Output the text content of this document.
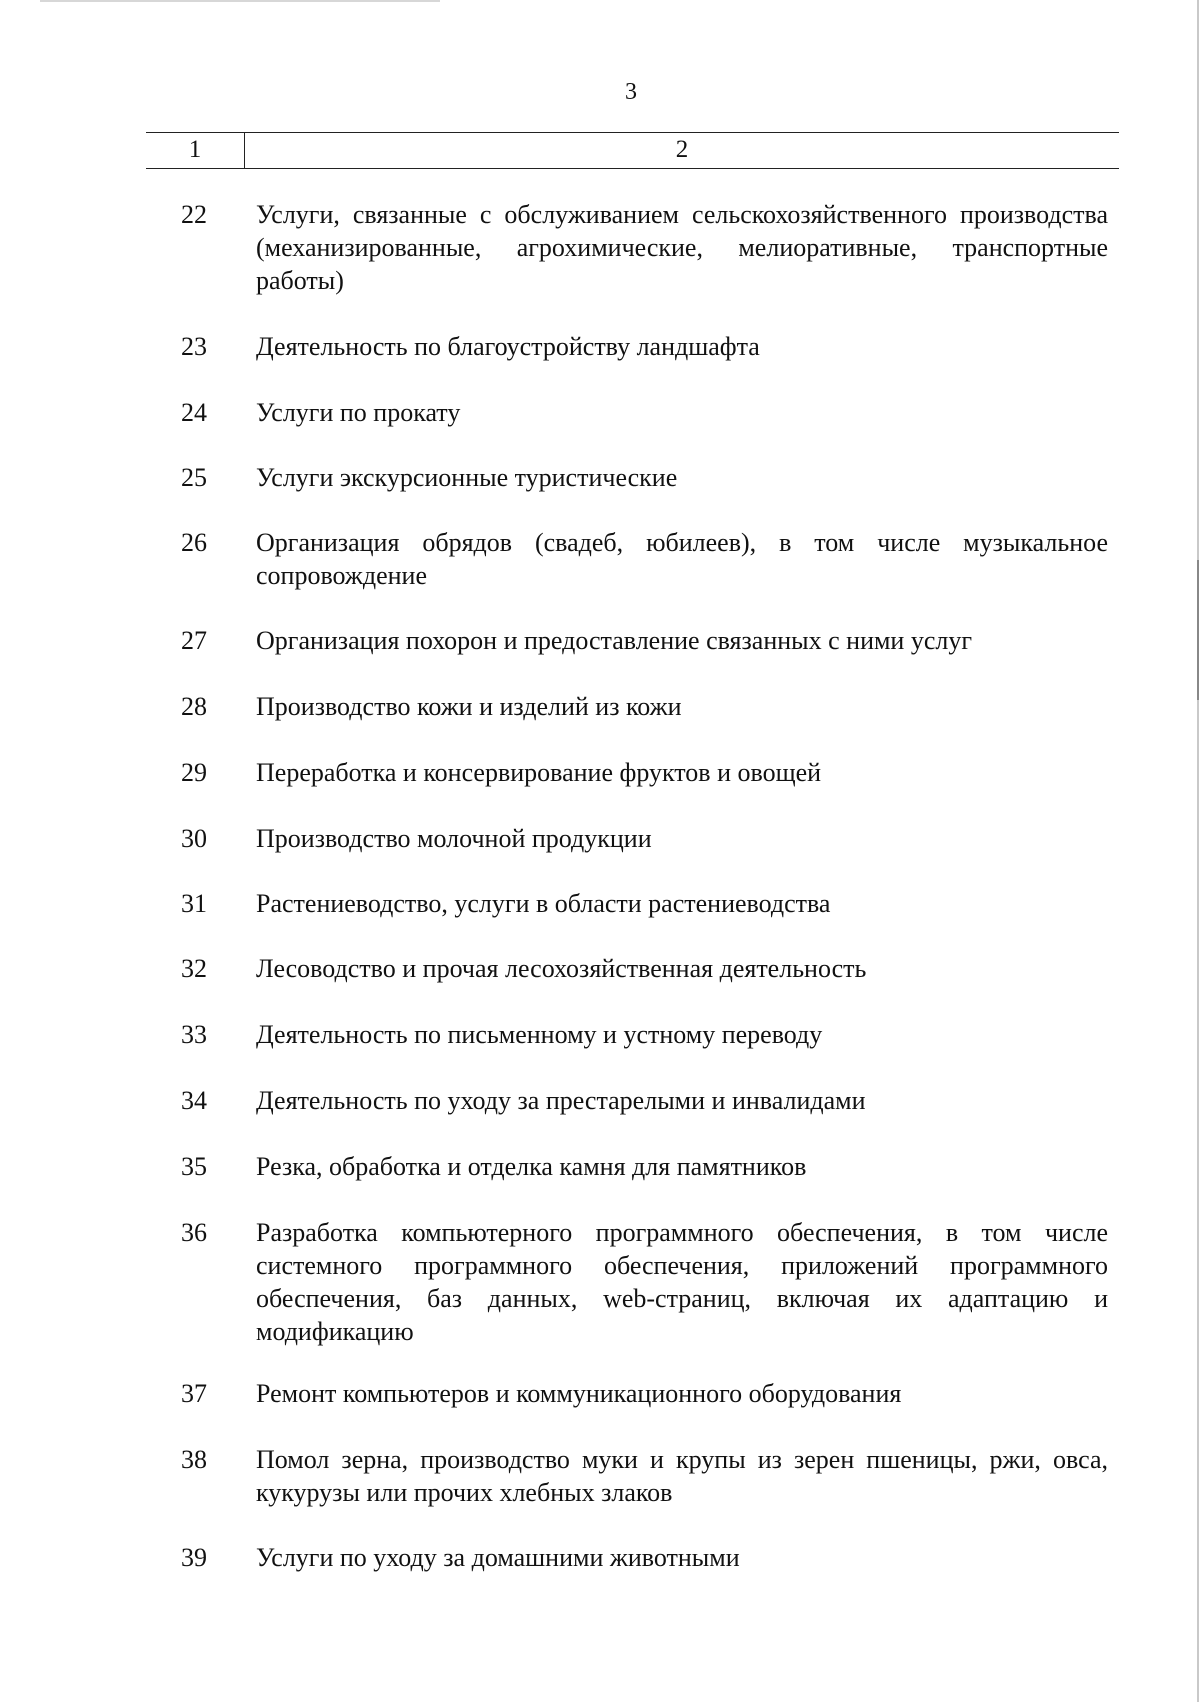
3
1	2
22	Услуги, связанные с обслуживанием сельскохозяйственного производства (механизированные, агрохимические, мелиоративные, транспортные работы)
23	Деятельность по благоустройству ландшафта
24	Услуги по прокату
25	Услуги экскурсионные туристические
26	Организация обрядов (свадеб, юбилеев), в том числе музыкальное сопровождение
27	Организация похорон и предоставление связанных с ними услуг
28	Производство кожи и изделий из кожи
29	Переработка и консервирование фруктов и овощей
30	Производство молочной продукции
31	Растениеводство, услуги в области растениеводства
32	Лесоводство и прочая лесохозяйственная деятельность
33	Деятельность по письменному и устному переводу
34	Деятельность по уходу за престарелыми и инвалидами
35	Резка, обработка и отделка камня для памятников
36	Разработка компьютерного программного обеспечения, в том числе системного программного обеспечения, приложений программного обеспечения, баз данных, web-страниц, включая их адаптацию и модификацию
37	Ремонт компьютеров и коммуникационного оборудования
38	Помол зерна, производство муки и крупы из зерен пшеницы, ржи, овса, кукурузы или прочих хлебных злаков
39	Услуги по уходу за домашними животными
